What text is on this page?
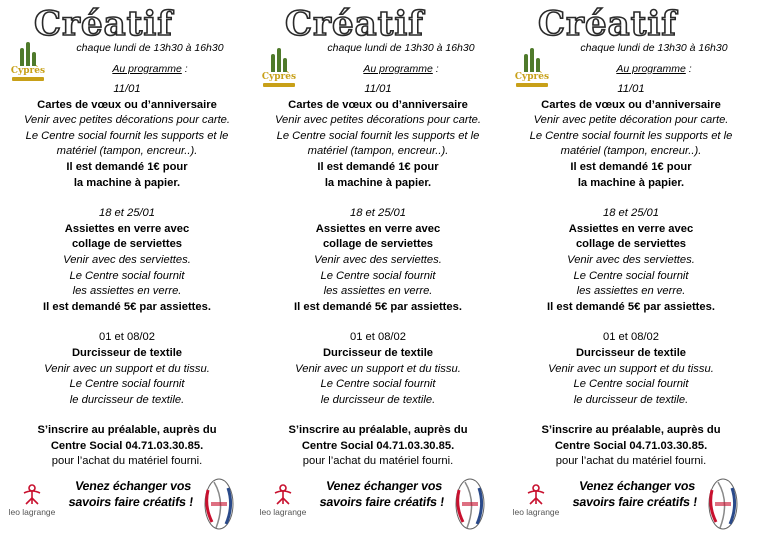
Créatif
Cyprès
chaque lundi de 13h30 à 16h30
Au programme :

11/01

Cartes de vœux ou d’anniversaire

Venir avec petites décorations pour carte.

Le Centre social fournit les supports et le

matériel (tampon, encreur..).

Il est demandé 1€ pour

la machine à papier.

18 et 25/01

Assiettes en verre avec

collage de serviettes

Venir avec des serviettes.

Le Centre social fournit

les assiettes en verre.

Il est demandé 5€ par assiettes.

01 et 08/02

Durcisseur de textile

Venir avec un support et du tissu.

Le Centre social fournit

le durcisseur de textile.

S’inscrire au préalable, auprès du

Centre Social 04.71.03.30.85.

pour l’achat du matériel fourni.

leo lagrange
Venez échanger vos
savoirs faire créatifs !
Créatif
Cyprès
chaque lundi de 13h30 à 16h30
Au programme :

11/01

Cartes de vœux ou d’anniversaire

Venir avec petites décorations pour carte.

Le Centre social fournit les supports et le

matériel (tampon, encreur..).

Il est demandé 1€ pour

la machine à papier.

18 et 25/01

Assiettes en verre avec

collage de serviettes

Venir avec des serviettes.

Le Centre social fournit

les assiettes en verre.

Il est demandé 5€ par assiettes.

01 et 08/02

Durcisseur de textile

Venir avec un support et du tissu.

Le Centre social fournit

le durcisseur de textile.

S’inscrire au préalable, auprès du

Centre Social 04.71.03.30.85.

pour l’achat du matériel fourni.

leo lagrange
Venez échanger vos
savoirs faire créatifs !
Créatif
Cyprès
chaque lundi de 13h30 à 16h30
Au programme :

11/01

Cartes de vœux ou d’anniversaire

Venir avec petite décoration pour carte.

Le Centre social fournit les supports et le

matériel (tampon, encreur..).

Il est demandé 1€ pour

la machine à papier.

18 et 25/01

Assiettes en verre avec

collage de serviettes

Venir avec des serviettes.

Le Centre social fournit

les assiettes en verre.

Il est demandé 5€ par assiettes.

01 et 08/02

Durcisseur de textile

Venir avec un support et du tissu.

Le Centre social fournit

le durcisseur de textile.

S’inscrire au préalable, auprès du

Centre Social 04.71.03.30.85.

pour l’achat du matériel fourni.

leo lagrange
Venez échanger vos
savoirs faire créatifs !
